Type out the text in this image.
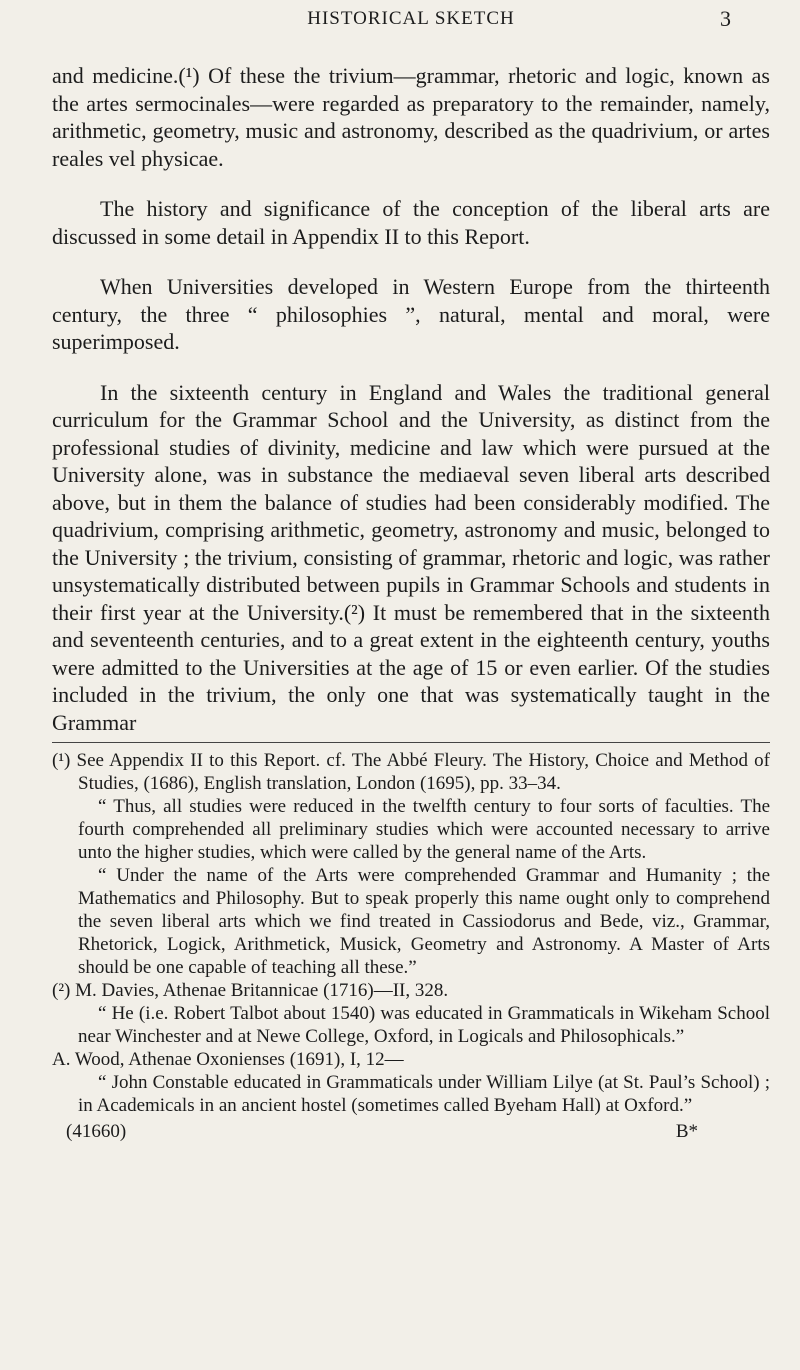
HISTORICAL SKETCH	3

and medicine.(¹) Of these the trivium—grammar, rhetoric and logic, known as the artes sermocinales—were regarded as preparatory to the remainder, namely, arithmetic, geometry, music and astronomy, described as the quadrivium, or artes reales vel physicae.

The history and significance of the conception of the liberal arts are discussed in some detail in Appendix II to this Report.

When Universities developed in Western Europe from the thirteenth century, the three “ philosophies ”, natural, mental and moral, were superimposed.

In the sixteenth century in England and Wales the traditional general curriculum for the Grammar School and the University, as distinct from the professional studies of divinity, medicine and law which were pursued at the University alone, was in substance the mediaeval seven liberal arts described above, but in them the balance of studies had been considerably modified. The quadrivium, comprising arithmetic, geometry, astronomy and music, belonged to the University ; the trivium, consisting of grammar, rhetoric and logic, was rather unsystematically distributed between pupils in Grammar Schools and students in their first year at the University.(²) It must be remembered that in the sixteenth and seventeenth centuries, and to a great extent in the eighteenth century, youths were admitted to the Universities at the age of 15 or even earlier. Of the studies included in the trivium, the only one that was systematically taught in the Grammar

(¹) See Appendix II to this Report. cf. The Abbé Fleury. The History, Choice and Method of Studies, (1686), English translation, London (1695), pp. 33–34.

“ Thus, all studies were reduced in the twelfth century to four sorts of faculties. The fourth comprehended all preliminary studies which were accounted necessary to arrive unto the higher studies, which were called by the general name of the Arts.

“ Under the name of the Arts were comprehended Grammar and Humanity ; the Mathematics and Philosophy. But to speak properly this name ought only to comprehend the seven liberal arts which we find treated in Cassiodorus and Bede, viz., Grammar, Rhetorick, Logick, Arithmetick, Musick, Geometry and Astronomy. A Master of Arts should be one capable of teaching all these.”

(²) M. Davies, Athenae Britannicae (1716)—II, 328.

“ He (i.e. Robert Talbot about 1540) was educated in Grammaticals in Wikeham School near Winchester and at Newe College, Oxford, in Logicals and Philosophicals.”

A. Wood, Athenae Oxonienses (1691), I, 12—

“ John Constable educated in Grammaticals under William Lilye (at St. Paul’s School) ; in Academicals in an ancient hostel (sometimes called Byeham Hall) at Oxford.”

(41660)	B*
